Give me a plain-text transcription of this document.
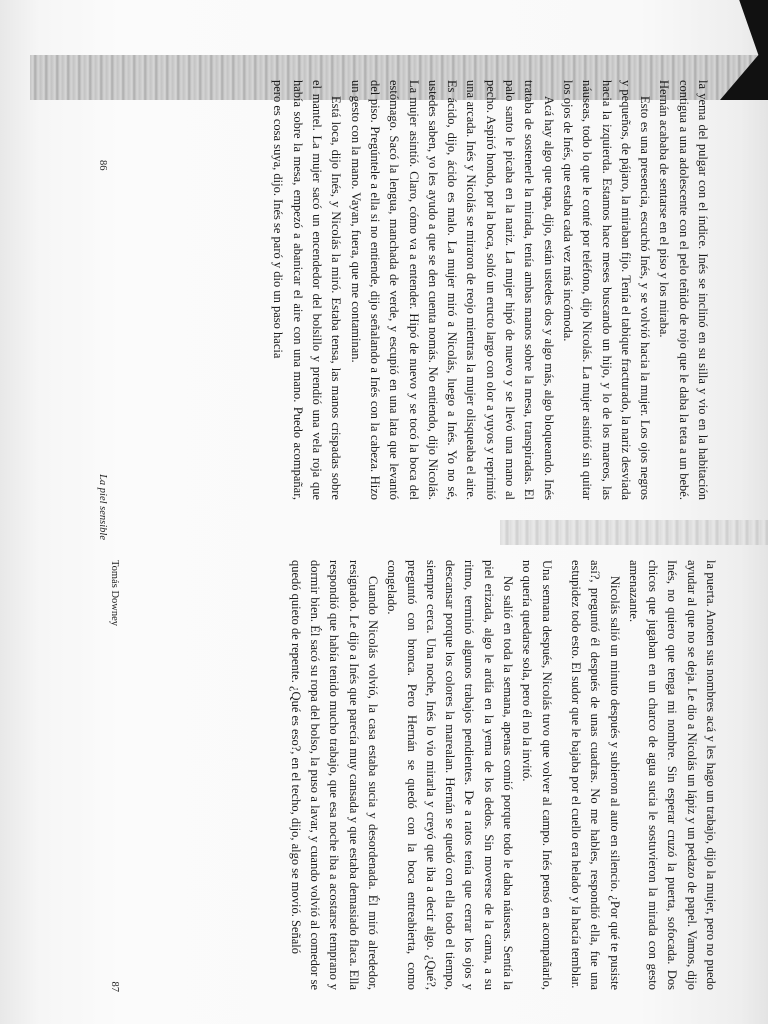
la yema del pulgar con el índice. Inés se inclinó en su silla y vio en la habitación contigua a una adolescente con el pelo teñido de rojo que le daba la teta a un bebé. Hernán acababa de sentarse en el piso y los miraba.

Esto es una presencia, escuchó Inés, y se volvió hacia la mujer. Los ojos negros y pequeños, de pájaro, la miraban fijo. Tenía el tabique fracturado, la nariz desviada hacia la izquierda. Estamos hace meses buscando un hijo, y lo de los mareos, las náuseas, todo lo que le conté por teléfono, dijo Nicolás. La mujer asintió sin quitar los ojos de Inés, que estaba cada vez más incómoda.

Acá hay algo que tapa, dijo, están ustedes dos y algo más, algo bloqueando. Inés trataba de sostenerle la mirada, tenía ambas manos sobre la mesa, transpiradas. El palo santo le picaba en la nariz. La mujer hipó de nuevo y se llevó una mano al pecho. Aspiró hondo, por la boca, soltó un eructo largo con olor a yuyos y reprimió una arcada. Inés y Nicolás se miraron de reojo mientras la mujer olisqueaba el aire. Es ácido, dijo, ácido es malo. La mujer miró a Nicolás, luego a Inés. Yo no sé, ustedes saben, yo les ayudo a que se den cuenta nomás. No entiendo, dijo Nicolás. La mujer asintió. Claro, cómo va a entender. Hipó de nuevo y se tocó la boca del estómago. Sacó la lengua, manchada de verde, y escupió en una lata que levantó del piso. Pregúntele a ella si no entiende, dijo señalando a Inés con la cabeza. Hizo un gesto con la mano. Vayan, fuera, que me contaminan.

Está loca, dijo Inés, y Nicolás la miró. Estaba tensa, las manos crispadas sobre el mantel. La mujer sacó un encendedor del bolsillo y prendió una vela roja que había sobre la mesa, empezó a abanicar el aire con una mano. Puedo acompañar, pero es cosa suya, dijo. Inés se paró y dio un paso hacia

86
La piel sensible

la puerta. Anoten sus nombres acá y les hago un trabajo, dijo la mujer, pero no puedo ayudar al que no se deja. Le dio a Nicolás un lápiz y un pedazo de papel. Vamos, dijo Inés, no quiero que tenga mi nombre. Sin esperar cruzó la puerta, sofocada. Dos chicos que jugaban en un charco de agua sucia le sostuvieron la mirada con gesto amenazante.

Nicolás salió un minuto después y subieron al auto en silencio. ¿Por qué te pusiste así?, preguntó él después de unas cuadras. No me hables, respondió ella, fue una estupidez todo esto. El sudor que le bajaba por el cuello era helado y la hacía temblar.

Una semana después, Nicolás tuvo que volver al campo. Inés pensó en acompañarlo, no quería quedarse sola, pero él no la invitó.

No salió en toda la semana, apenas comió porque todo le daba náuseas. Sentía la piel erizada, algo le ardía en la yema de los dedos. Sin moverse de la cama, a su ritmo, terminó algunos trabajos pendientes. De a ratos tenía que cerrar los ojos y descansar porque los colores la marealan. Hernán se quedó con ella todo el tiempo, siempre cerca. Una noche, Inés lo vio mirarla y creyó que iba a decir algo. ¿Qué?, preguntó con bronca. Pero Hernán se quedó con la boca entreabierta, como congelado.

Cuando Nicolás volvió, la casa estaba sucia y desordenada. Él miró alrededor, resignado. Le dijo a Inés que parecía muy cansada y que estaba demasiado flaca. Ella respondió que había tenido mucho trabajo, que esa noche iba a acostarse temprano y dormir bien. Él sacó su ropa del bolso, la puso a lavar, y cuando volvió al comedor se quedó quieto de repente. ¿Qué es eso?, en el techo, dijo, algo se movió. Señaló

Tomás Downey
87
